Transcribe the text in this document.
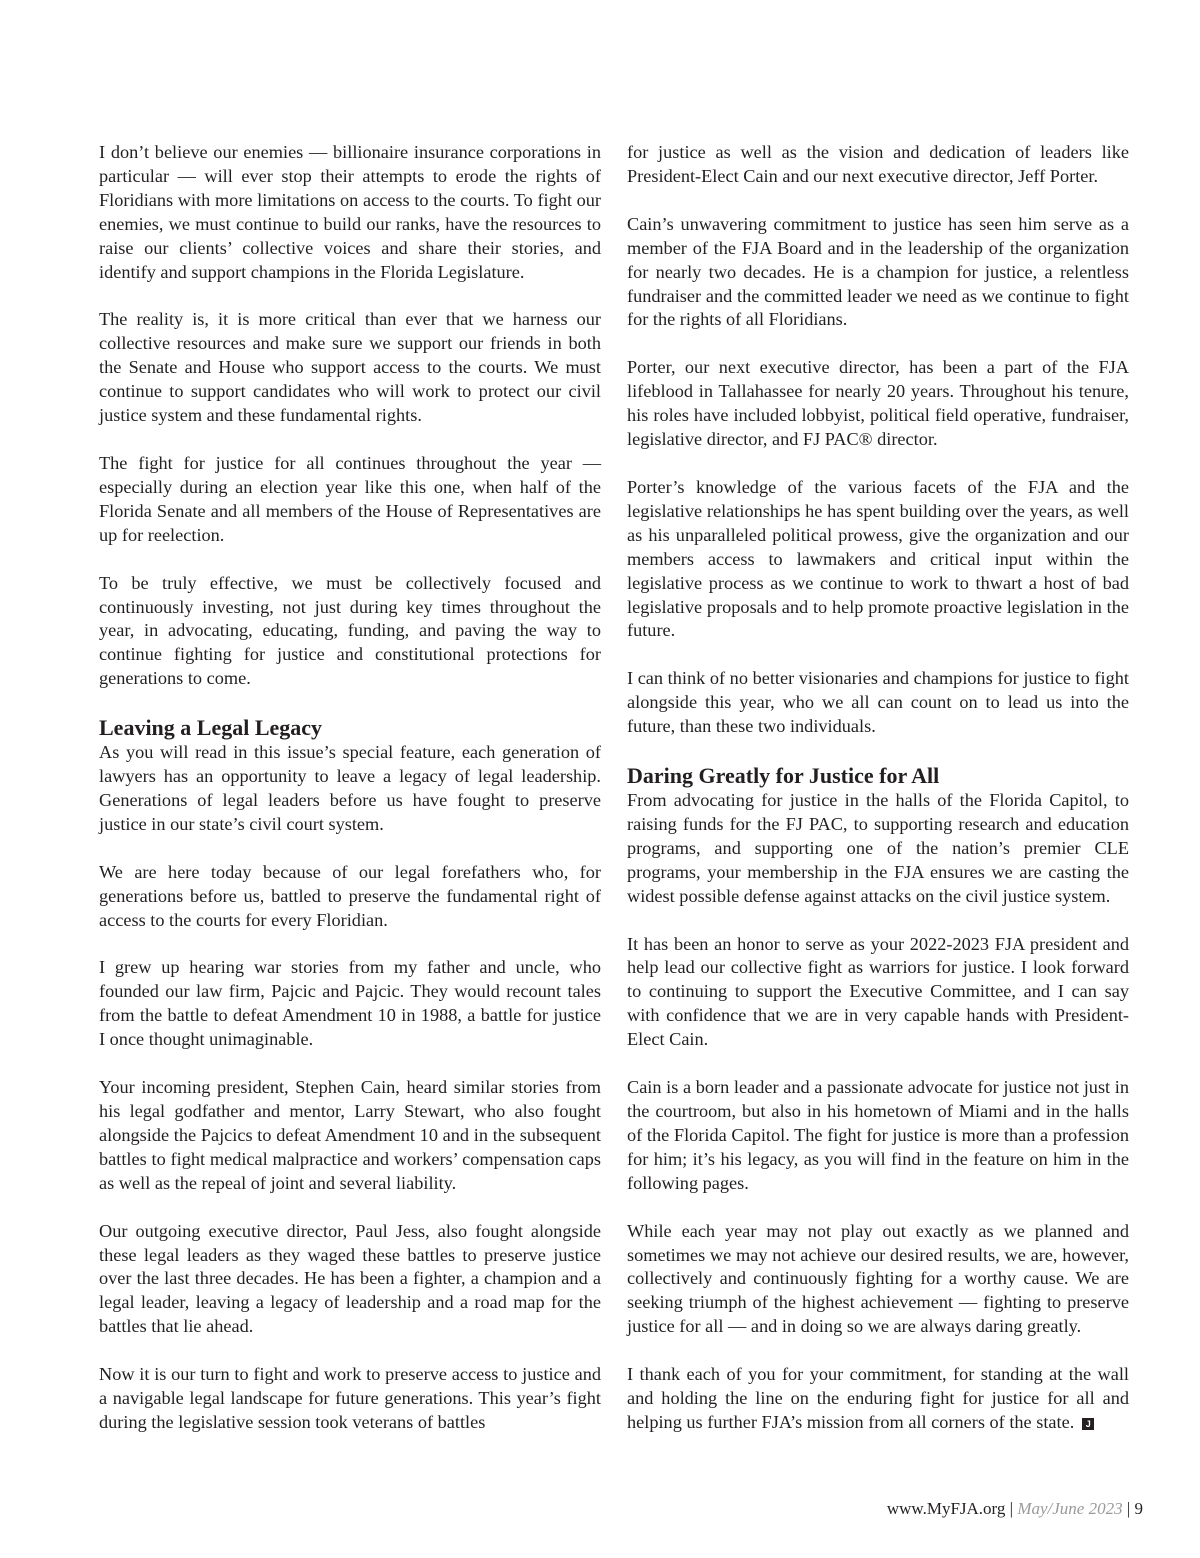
I don’t believe our enemies — billionaire insurance corporations in particular — will ever stop their attempts to erode the rights of Floridians with more limitations on access to the courts. To fight our enemies, we must continue to build our ranks, have the resources to raise our clients’ collective voices and share their stories, and identify and support champions in the Florida Legislature.

The reality is, it is more critical than ever that we harness our collective resources and make sure we support our friends in both the Senate and House who support access to the courts. We must continue to support candidates who will work to protect our civil justice system and these fundamental rights.

The fight for justice for all continues throughout the year — especially during an election year like this one, when half of the Florida Senate and all members of the House of Representatives are up for reelection.

To be truly effective, we must be collectively focused and continuously investing, not just during key times throughout the year, in advocating, educating, funding, and paving the way to continue fighting for justice and constitutional protections for generations to come.

Leaving a Legal Legacy

As you will read in this issue’s special feature, each generation of lawyers has an opportunity to leave a legacy of legal leadership. Generations of legal leaders before us have fought to preserve justice in our state’s civil court system.

We are here today because of our legal forefathers who, for generations before us, battled to preserve the fundamental right of access to the courts for every Floridian.

I grew up hearing war stories from my father and uncle, who founded our law firm, Pajcic and Pajcic. They would recount tales from the battle to defeat Amendment 10 in 1988, a battle for justice I once thought unimaginable.

Your incoming president, Stephen Cain, heard similar stories from his legal godfather and mentor, Larry Stewart, who also fought alongside the Pajcics to defeat Amendment 10 and in the subsequent battles to fight medical malpractice and workers’ compensation caps as well as the repeal of joint and several liability.

Our outgoing executive director, Paul Jess, also fought alongside these legal leaders as they waged these battles to preserve justice over the last three decades. He has been a fighter, a champion and a legal leader, leaving a legacy of leadership and a road map for the battles that lie ahead.

Now it is our turn to fight and work to preserve access to justice and a navigable legal landscape for future generations. This year’s fight during the legislative session took veterans of battles

for justice as well as the vision and dedication of leaders like President-Elect Cain and our next executive director, Jeff Porter.

Cain’s unwavering commitment to justice has seen him serve as a member of the FJA Board and in the leadership of the organization for nearly two decades. He is a champion for justice, a relentless fundraiser and the committed leader we need as we continue to fight for the rights of all Floridians.

Porter, our next executive director, has been a part of the FJA lifeblood in Tallahassee for nearly 20 years. Throughout his tenure, his roles have included lobbyist, political field operative, fundraiser, legislative director, and FJ PAC® director.

Porter’s knowledge of the various facets of the FJA and the legislative relationships he has spent building over the years, as well as his unparalleled political prowess, give the organization and our members access to lawmakers and critical input within the legislative process as we continue to work to thwart a host of bad legislative proposals and to help promote proactive legislation in the future.

I can think of no better visionaries and champions for justice to fight alongside this year, who we all can count on to lead us into the future, than these two individuals.

Daring Greatly for Justice for All

From advocating for justice in the halls of the Florida Capitol, to raising funds for the FJ PAC, to supporting research and education programs, and supporting one of the nation’s premier CLE programs, your membership in the FJA ensures we are casting the widest possible defense against attacks on the civil justice system.

It has been an honor to serve as your 2022-2023 FJA president and help lead our collective fight as warriors for justice. I look forward to continuing to support the Executive Committee, and I can say with confidence that we are in very capable hands with President-Elect Cain.

Cain is a born leader and a passionate advocate for justice not just in the courtroom, but also in his hometown of Miami and in the halls of the Florida Capitol. The fight for justice is more than a profession for him; it’s his legacy, as you will find in the feature on him in the following pages.

While each year may not play out exactly as we planned and sometimes we may not achieve our desired results, we are, however, collectively and continuously fighting for a worthy cause. We are seeking triumph of the highest achievement — fighting to preserve justice for all — and in doing so we are always daring greatly.

I thank each of you for your commitment, for standing at the wall and holding the line on the enduring fight for justice for all and helping us further FJA’s mission from all corners of the state. J

www.MyFJA.org | May/June 2023 | 9
